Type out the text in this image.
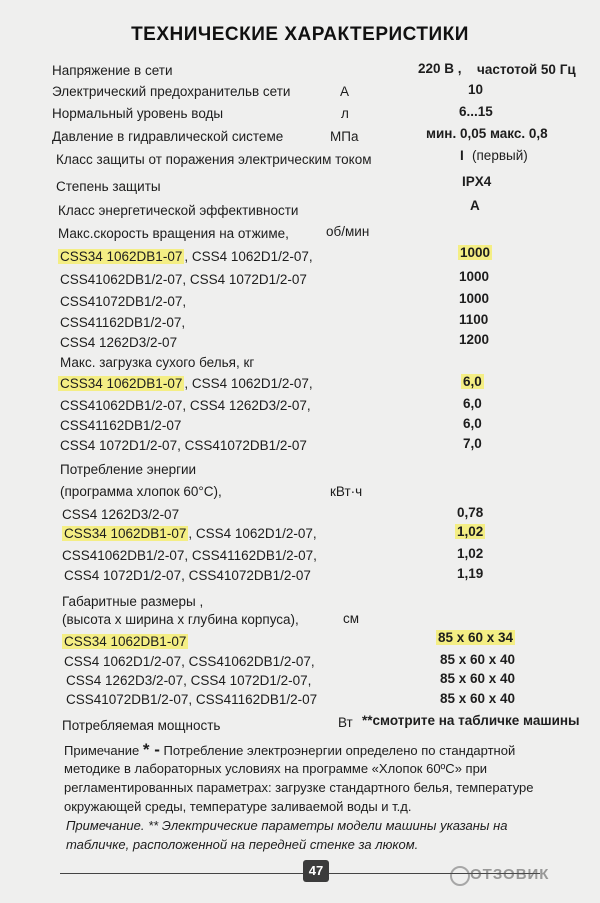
ТЕХНИЧЕСКИЕ ХАРАКТЕРИСТИКИ
Напряжение в сети	220 В , частотой 50 Гц
Электрический предохранительв сети	А	10
Нормальный уровень воды	л	6...15
Давление в гидравлической системе	МПа	мин. 0,05 макс. 0,8
Класс защиты от поражения электрическим током	I (первый)
Степень защиты	IPX4
Класс энергетической эффективности	А
Макс.скорость вращения на отжиме,	об/мин
CSS34 1062DB1-07 , CSS4 1062D1/2-07,	1000
CSS41062DB1/2-07, CSS4 1072D1/2-07	1000
CSS41072DB1/2-07,	1000
CSS41162DB1/2-07,	1100
CSS4 1262D3/2-07	1200
Макс. загрузка сухого белья, кг
CSS34 1062DB1-07 , CSS4 1062D1/2-07,	6,0
CSS41062DB1/2-07, CSS4 1262D3/2-07,	6,0
CSS41162DB1/2-07	6,0
CSS4 1072D1/2-07, CSS41072DB1/2-07	7,0
Потребление энергии
(программа хлопок 60°C),	кВт·ч
CSS4 1262D3/2-07	0,78
CSS34 1062DB1-07 , CSS4 1062D1/2-07,	1,02
CSS41062DB1/2-07, CSS41162DB1/2-07,	1,02
CSS4 1072D1/2-07, CSS41072DB1/2-07	1,19
Габаритные размеры ,
(высота х ширина х глубина корпуса),	см
CSS34 1062DB1-07	85 x 60 x 34
CSS4 1062D1/2-07, CSS41062DB1/2-07,	85 x 60 x 40
CSS4 1262D3/2-07, CSS4 1072D1/2-07,	85 x 60 x 40
CSS41072DB1/2-07, CSS41162DB1/2-07	85 x 60 x 40
Потребляемая мощность	Вт **смотрите на табличке машины
Примечание * - Потребление электроэнергии определено по стандартной
методике в лабораторных условиях на программе «Хлопок 60ºС» при
регламентированных параметрах: загрузке стандартного белья, температуре
окружающей среды, температуре заливаемой воды и т.д.
Примечание. ** Электрические параметры модели машины указаны на
табличке, расположенной на передней стенке за люком.
47	ОТЗОВИК
